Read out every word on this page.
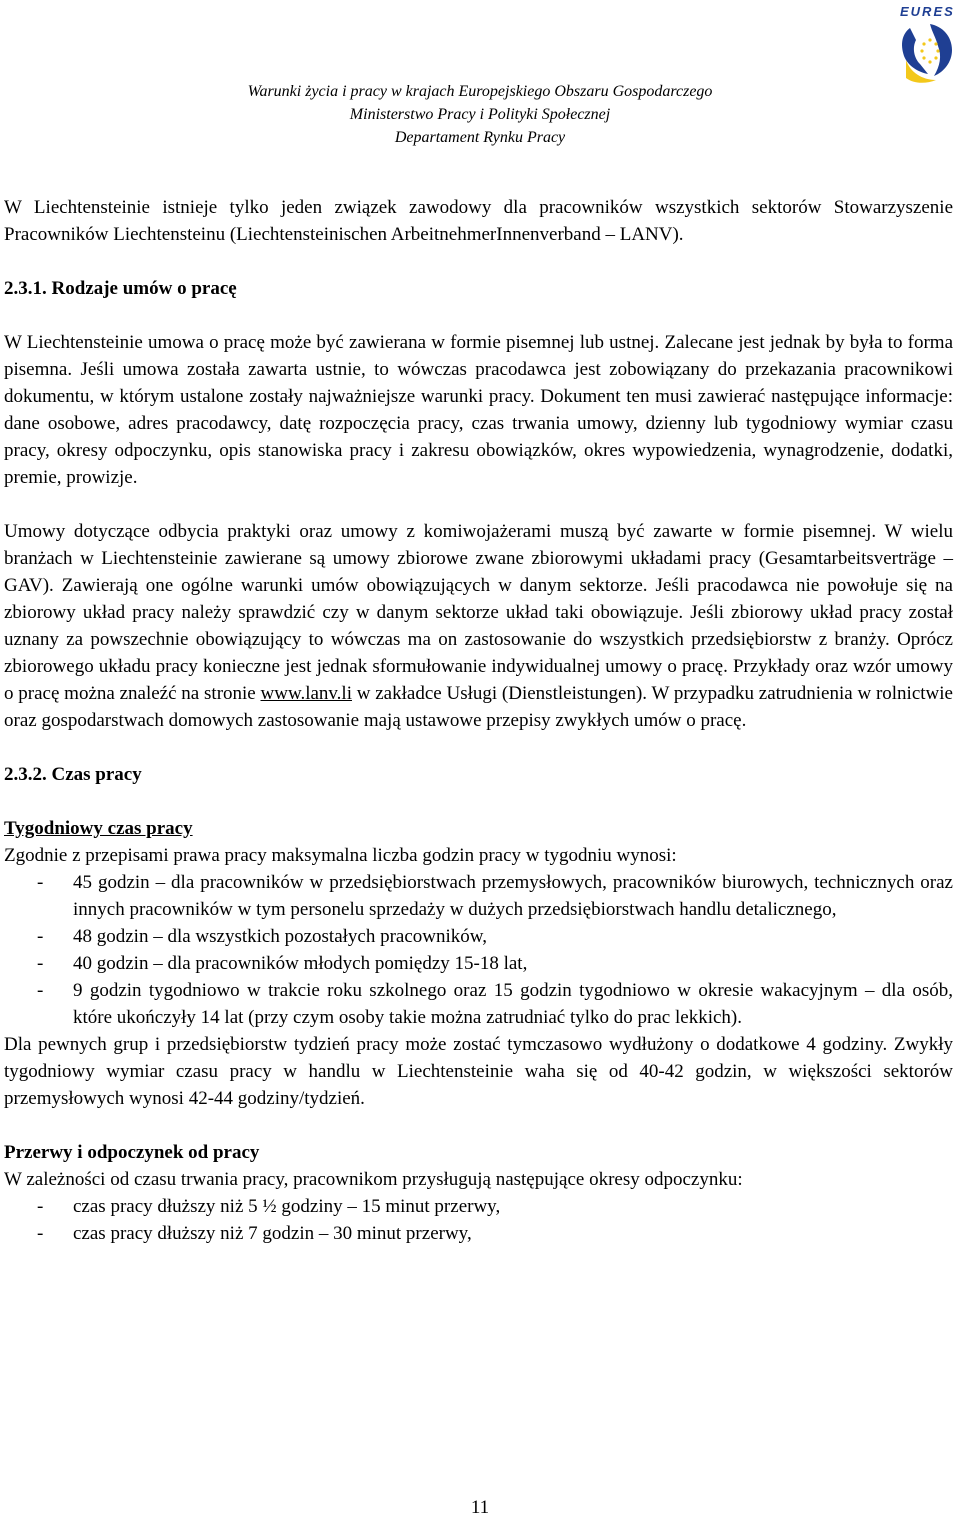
EURES
Warunki życia i pracy w krajach Europejskiego Obszaru Gospodarczego
Ministerstwo Pracy i Polityki Społecznej
Departament Rynku Pracy

W Liechtensteinie istnieje tylko jeden związek zawodowy dla pracowników wszystkich sektorów Stowarzyszenie Pracowników Liechtensteinu (Liechtensteinischen ArbeitnehmerInnenverband – LANV).

2.3.1. Rodzaje umów o pracę

W Liechtensteinie umowa o pracę może być zawierana w formie pisemnej lub ustnej. Zalecane jest jednak by była to forma pisemna. Jeśli umowa została zawarta ustnie, to wówczas pracodawca jest zobowiązany do przekazania pracownikowi dokumentu, w którym ustalone zostały najważniejsze warunki pracy. Dokument ten musi zawierać następujące informacje: dane osobowe, adres pracodawcy, datę rozpoczęcia pracy, czas trwania umowy, dzienny lub tygodniowy wymiar czasu pracy, okresy odpoczynku, opis stanowiska pracy i zakresu obowiązków, okres wypowiedzenia, wynagrodzenie, dodatki, premie, prowizje.

Umowy dotyczące odbycia praktyki oraz umowy z komiwojażerami muszą być zawarte w formie pisemnej. W wielu branżach w Liechtensteinie zawierane są umowy zbiorowe zwane zbiorowymi układami pracy (Gesamtarbeitsverträge – GAV). Zawierają one ogólne warunki umów obowiązujących w danym sektorze. Jeśli pracodawca nie powołuje się na zbiorowy układ pracy należy sprawdzić czy w danym sektorze układ taki obowiązuje. Jeśli zbiorowy układ pracy został uznany za powszechnie obowiązujący to wówczas ma on zastosowanie do wszystkich przedsiębiorstw z branży. Oprócz zbiorowego układu pracy konieczne jest jednak sformułowanie indywidualnej umowy o pracę. Przykłady oraz wzór umowy o pracę można znaleźć na stronie www.lanv.li w zakładce Usługi (Dienstleistungen). W przypadku zatrudnienia w rolnictwie oraz gospodarstwach domowych zastosowanie mają ustawowe przepisy zwykłych umów o pracę.

2.3.2. Czas pracy

Tygodniowy czas pracy

Zgodnie z przepisami prawa pracy maksymalna liczba godzin pracy w tygodniu wynosi:

- 45 godzin – dla pracowników w przedsiębiorstwach przemysłowych, pracowników biurowych, technicznych oraz innych pracowników w tym personelu sprzedaży w dużych przedsiębiorstwach handlu detalicznego,
- 48 godzin – dla wszystkich pozostałych pracowników,
- 40 godzin – dla pracowników młodych pomiędzy 15-18 lat,
- 9 godzin tygodniowo w trakcie roku szkolnego oraz 15 godzin tygodniowo w okresie wakacyjnym – dla osób, które ukończyły 14 lat (przy czym osoby takie można zatrudniać tylko do prac lekkich).

Dla pewnych grup i przedsiębiorstw tydzień pracy może zostać tymczasowo wydłużony o dodatkowe 4 godziny. Zwykły tygodniowy wymiar czasu pracy w handlu w Liechtensteinie waha się od 40-42 godzin, w większości sektorów przemysłowych wynosi 42-44 godziny/tydzień.

Przerwy i odpoczynek od pracy

W zależności od czasu trwania pracy, pracownikom przysługują następujące okresy odpoczynku:

- czas pracy dłuższy niż 5 ½ godziny – 15 minut przerwy,
- czas pracy dłuższy niż 7 godzin – 30 minut przerwy,
11
